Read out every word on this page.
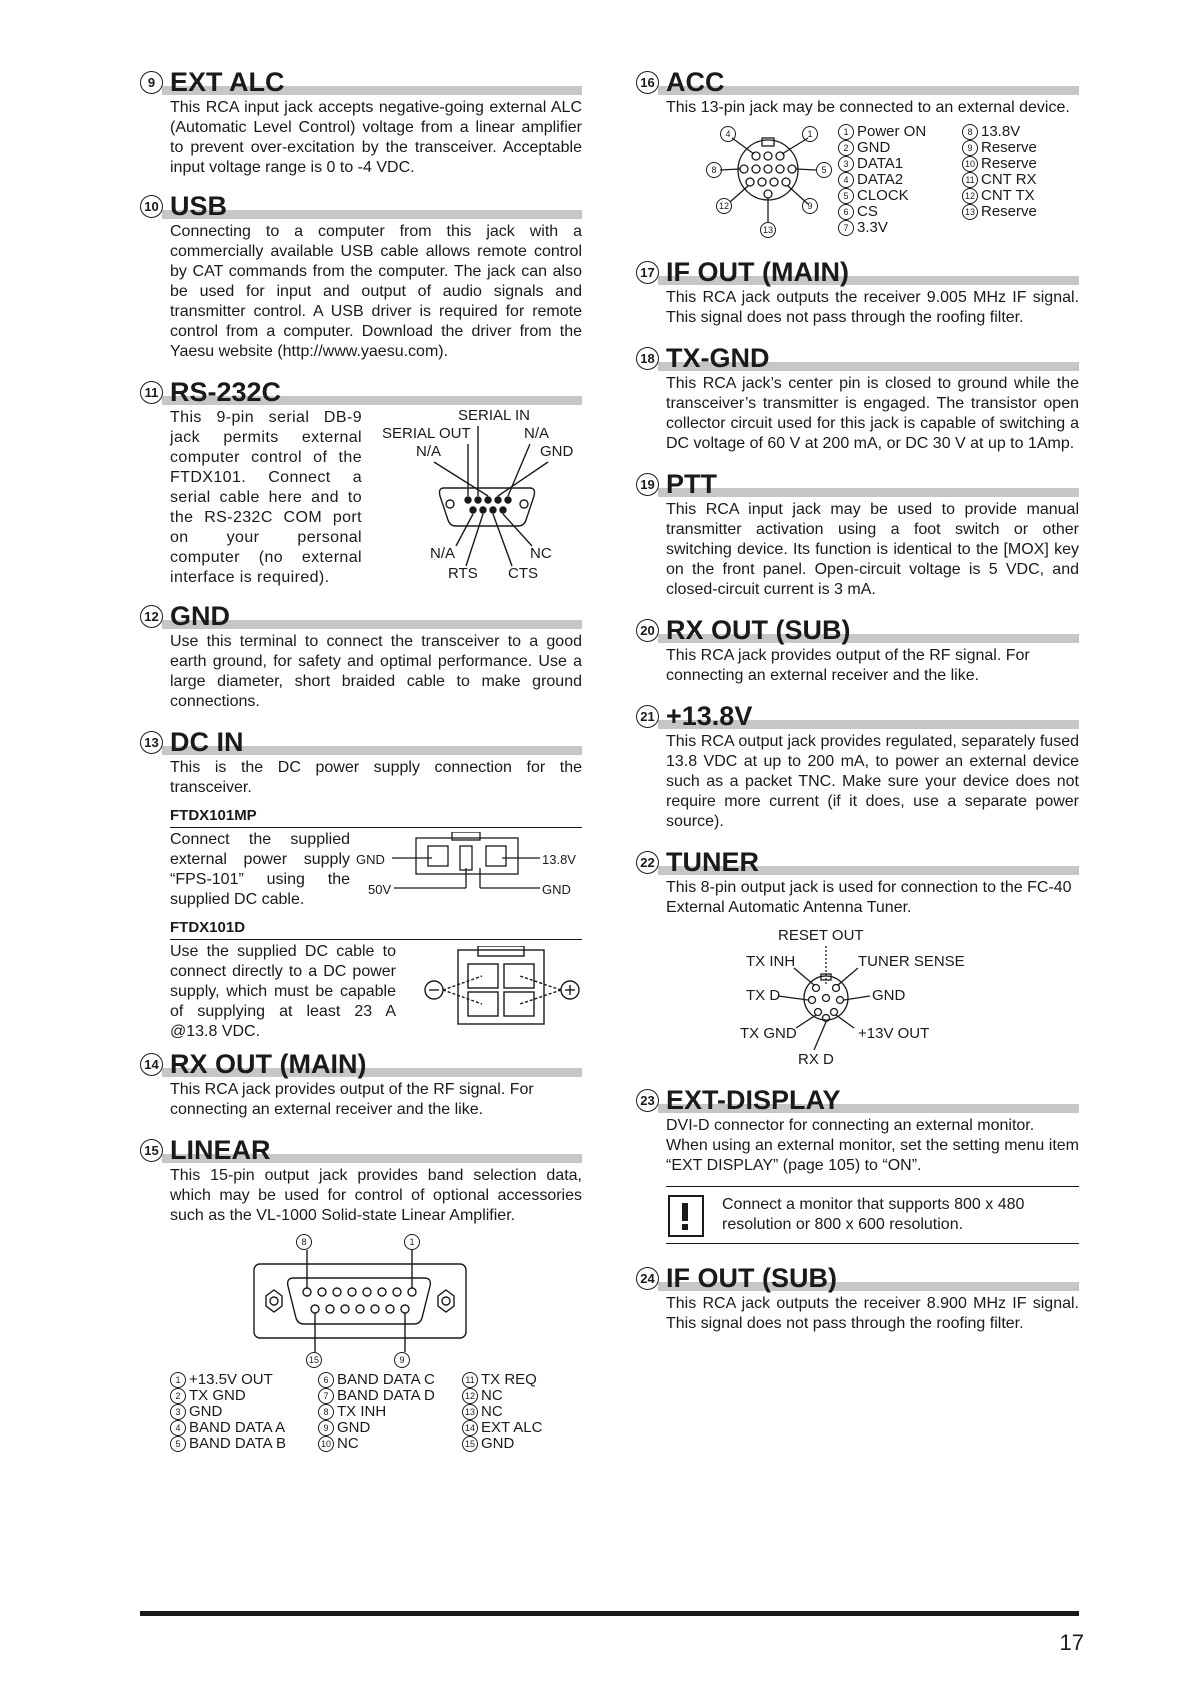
9 EXT ALC

This RCA input jack accepts negative-going external ALC (Automatic Level Control) voltage from a linear amplifier to prevent over-excitation by the transceiver. Acceptable input voltage range is 0 to -4 VDC.

10 USB

Connecting to a computer from this jack with a commercially available USB cable allows remote control by CAT commands from the computer. The jack can also be used for input and output of audio signals and transmitter control. A USB driver is required for remote control from a computer. Download the driver from the Yaesu website (http://www.yaesu.com).

11 RS-232C

This 9-pin serial DB-9 jack permits external computer control of the FTDX101. Connect a serial cable here and to the RS-232C COM port on your personal computer (no external interface is required).

SERIAL IN
SERIAL OUT	N/A
N/A	GND
N/A	NC
RTS CTS
12 GND

Use this terminal to connect the transceiver to a good earth ground, for safety and optimal performance. Use a large diameter, short braided cable to make ground connections.

13 DC IN

This is the DC power supply connection for the transceiver.

FTDX101MP

Connect the supplied external power supply “FPS-101” using the supplied DC cable.

GND
50V
13.8V
GND
FTDX101D

Use the supplied DC cable to connect directly to a DC power supply, which must be capable of supplying at least 23 A @13.8 VDC.

14 RX OUT (MAIN)

This RCA jack provides output of the RF signal. For connecting an external receiver and the like.

15 LINEAR

This 15-pin output jack provides band selection data, which may be used for control of optional accessories such as the VL-1000 Solid-state Linear Amplifier.

8	1
15	9
1 +13.5V OUT
2 TX GND
3 GND
4 BAND DATA A
5 BAND DATA B
6 BAND DATA C
7 BAND DATA D
8 TX INH
9 GND
10 NC
11 TX REQ
12 NC
13 NC
14 EXT ALC
15 GND
16 ACC

This 13-pin jack may be connected to an external device.

4	1
8	5
12	9
13
1 Power ON
2 GND
3 DATA1
4 DATA2
5 CLOCK
6 CS
7 3.3V
8 13.8V
9 Reserve
10 Reserve
11 CNT RX
12 CNT TX
13 Reserve
17 IF OUT (MAIN)

This RCA jack outputs the receiver 9.005 MHz IF signal. This signal does not pass through the roofing filter.

18 TX-GND

This RCA jack’s center pin is closed to ground while the transceiver’s transmitter is engaged. The transistor open collector circuit used for this jack is capable of switching a DC voltage of 60 V at 200 mA, or DC 30 V at up to 1Amp.

19 PTT

This RCA input jack may be used to provide manual transmitter activation using a foot switch or other switching device. Its function is identical to the [MOX] key on the front panel. Open-circuit voltage is 5 VDC, and closed-circuit current is 3 mA.

20 RX OUT (SUB)

This RCA jack provides output of the RF signal. For connecting an external receiver and the like.

21 +13.8V

This RCA output jack provides regulated, separately fused 13.8 VDC at up to 200 mA, to power an external device such as a packet TNC. Make sure your device does not require more current (if it does, use a separate power source).

22 TUNER

This 8-pin output jack is used for connection to the FC-40 External Automatic Antenna Tuner.

RESET OUT
TX INH	TUNER SENSE
TX D	GND
TX GND	+13V OUT
RX D
23 EXT-DISPLAY

DVI-D connector for connecting an external monitor.

When using an external monitor, set the setting menu item “EXT DISPLAY” (page 105) to “ON”.

Connect a monitor that supports 800 x 480 resolution or 800 x 600 resolution.
24 IF OUT (SUB)

This RCA jack outputs the receiver 8.900 MHz IF signal. This signal does not pass through the roofing filter.

17
